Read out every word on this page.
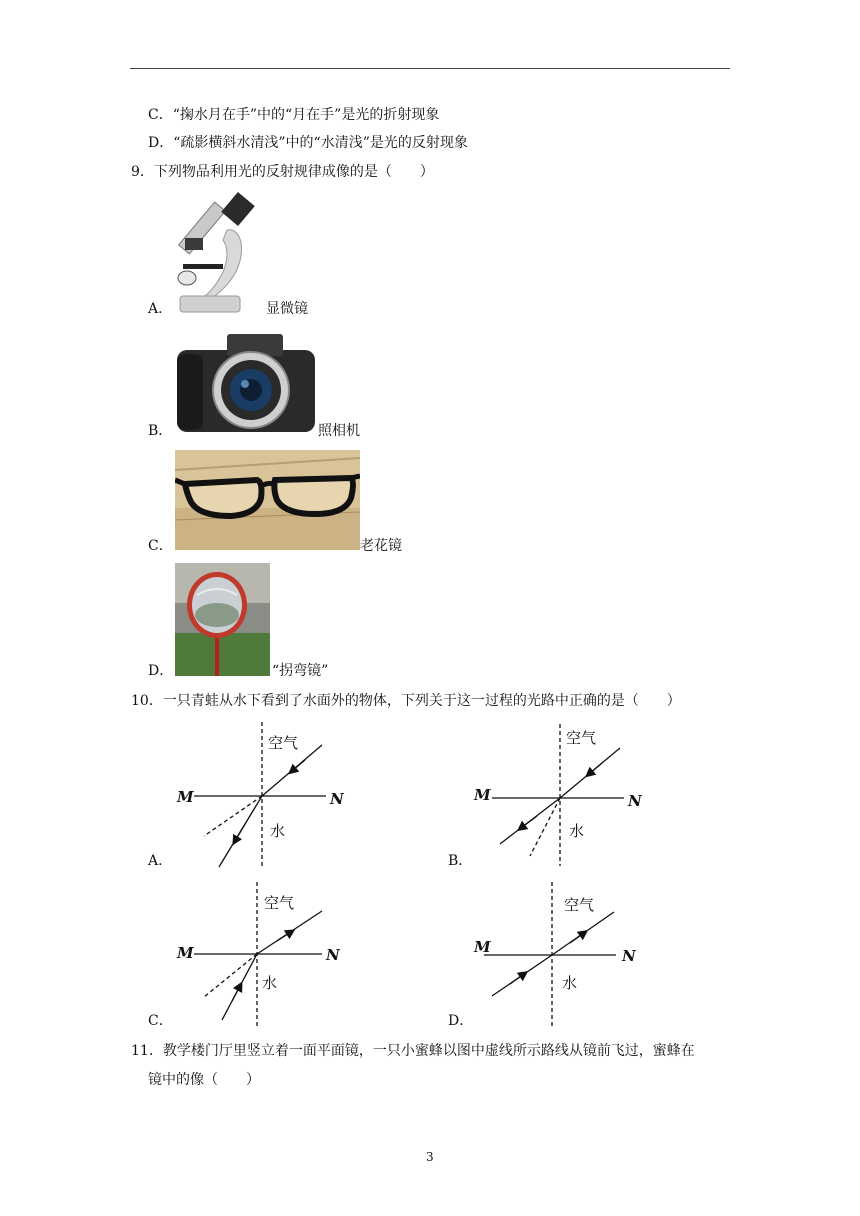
C．“掬水月在手”中的“月在手”是光的折射现象
D．“疏影横斜水清浅”中的“水清浅”是光的反射现象
9．下列物品利用光的反射规律成像的是（　　）
A．	显微镜
B．	照相机
C．	老花镜
D．	“拐弯镜”
10．一只青蛙从水下看到了水面外的物体，下列关于这一过程的光路中正确的是（　　）
空气
水
M	N
A．
空气
水
M	N
B．
空气
水
M	N
C．
空气
水
M	N
D．
11．教学楼门厅里竖立着一面平面镜，一只小蜜蜂以图中虚线所示路线从镜前飞过，蜜蜂在
镜中的像（　　）
3
